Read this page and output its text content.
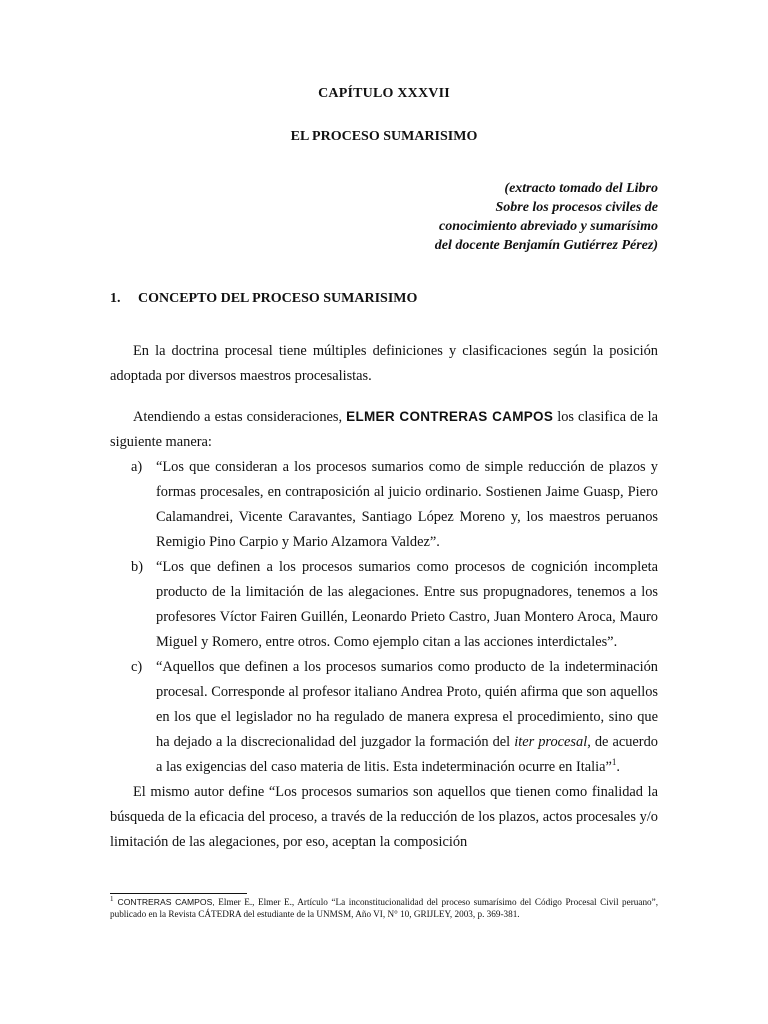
CAPÍTULO XXXVII
EL PROCESO SUMARISIMO
(extracto tomado del Libro
Sobre los procesos civiles de
conocimiento abreviado y sumarísimo
del docente Benjamín Gutiérrez Pérez)
1. CONCEPTO DEL PROCESO SUMARISIMO

En la doctrina procesal tiene múltiples definiciones y clasificaciones según la posición adoptada por diversos maestros procesalistas.

Atendiendo a estas consideraciones, ELMER CONTRERAS CAMPOS los clasifica de la siguiente manera:

a) “Los que consideran a los procesos sumarios como de simple reducción de plazos y formas procesales, en contraposición al juicio ordinario. Sostienen Jaime Guasp, Piero Calamandrei, Vicente Caravantes, Santiago López Moreno y, los maestros peruanos Remigio Pino Carpio y Mario Alzamora Valdez”.
b) “Los que definen a los procesos sumarios como procesos de cognición incompleta producto de la limitación de las alegaciones. Entre sus propugnadores, tenemos a los profesores Víctor Fairen Guillén, Leonardo Prieto Castro, Juan Montero Aroca, Mauro Miguel y Romero, entre otros. Como ejemplo citan a las acciones interdictales”.
c) “Aquellos que definen a los procesos sumarios como producto de la indeterminación procesal. Corresponde al profesor italiano Andrea Proto, quién afirma que son aquellos en los que el legislador no ha regulado de manera expresa el procedimiento, sino que ha dejado a la discrecionalidad del juzgador la formación del iter procesal, de acuerdo a las exigencias del caso materia de litis. Esta indeterminación ocurre en Italia”$^1$.

El mismo autor define “Los procesos sumarios son aquellos que tienen como finalidad la búsqueda de la eficacia del proceso, a través de la reducción de los plazos, actos procesales y/o limitación de las alegaciones, por eso, aceptan la composición

$^1$ CONTRERAS CAMPOS, Elmer E., Elmer E., Artículo “La inconstitucionalidad del proceso sumarísimo del Código Procesal Civil peruano”, publicado en la Revista CÁTEDRA del estudiante de la UNMSM, Año VI, N° 10, GRIJLEY, 2003, p. 369-381.
